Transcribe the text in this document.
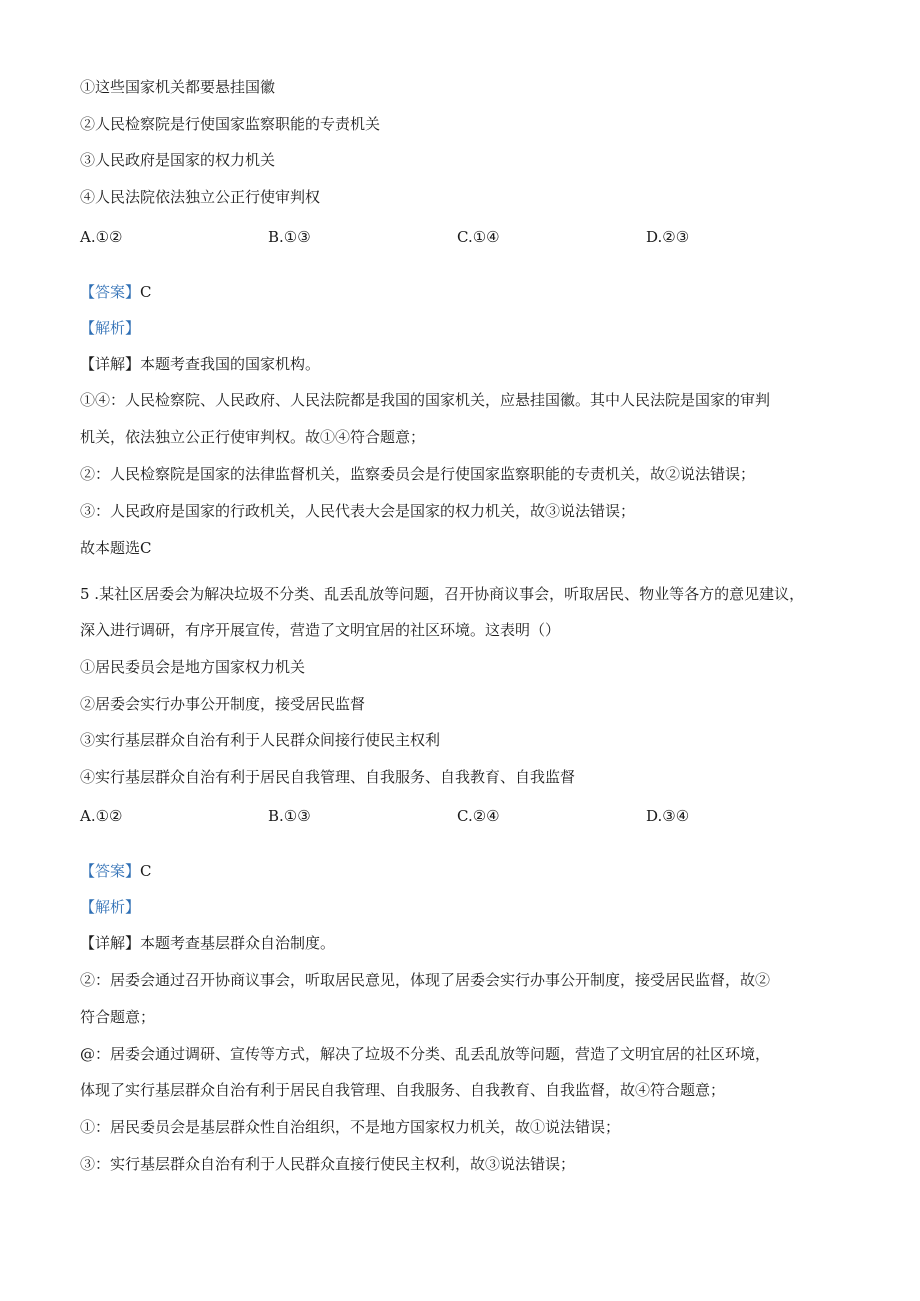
①这些国家机关都要悬挂国徽
②人民检察院是行使国家监察职能的专责机关
③人民政府是国家的权力机关
④人民法院依法独立公正行使审判权
A.①②	B.①③	C.①④	D.②③
【答案】C
【解析】
【详解】本题考查我国的国家机构。
①④：人民检察院、人民政府、人民法院都是我国的国家机关，应悬挂国徽。其中人民法院是国家的审判
机关，依法独立公正行使审判权。故①④符合题意；
②：人民检察院是国家的法律监督机关，监察委员会是行使国家监察职能的专责机关，故②说法错误；
③：人民政府是国家的行政机关，人民代表大会是国家的权力机关，故③说法错误；
故本题选C
5 .某社区居委会为解决垃圾不分类、乱丢乱放等问题，召开协商议事会，听取居民、物业等各方的意见建议，
深入进行调研，有序开展宣传，营造了文明宜居的社区环境。这表明（）
①居民委员会是地方国家权力机关
②居委会实行办事公开制度，接受居民监督
③实行基层群众自治有利于人民群众间接行使民主权利
④实行基层群众自治有利于居民自我管理、自我服务、自我教育、自我监督
A.①②	B.①③	C.②④	D.③④
【答案】C
【解析】
【详解】本题考查基层群众自治制度。
②：居委会通过召开协商议事会，听取居民意见，体现了居委会实行办事公开制度，接受居民监督，故②
符合题意；
@：居委会通过调研、宣传等方式，解决了垃圾不分类、乱丢乱放等问题，营造了文明宜居的社区环境，
体现了实行基层群众自治有利于居民自我管理、自我服务、自我教育、自我监督，故④符合题意；
①：居民委员会是基层群众性自治组织，不是地方国家权力机关，故①说法错误；
③：实行基层群众自治有利于人民群众直接行使民主权利，故③说法错误；
